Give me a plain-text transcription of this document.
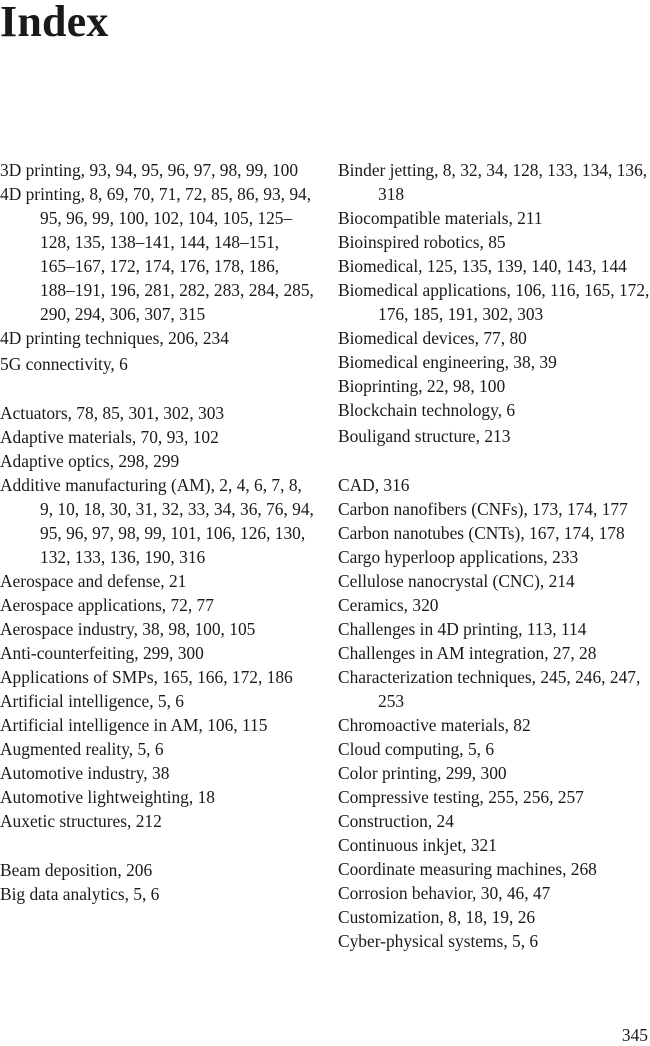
Index

3D printing, 93, 94, 95, 96, 97, 98, 99, 100

4D printing, 8, 69, 70, 71, 72, 85, 86, 93, 94, 95, 96, 99, 100, 102, 104, 105, 125–128, 135, 138–141, 144, 148–151, 165–167, 172, 174, 176, 178, 186, 188–191, 196, 281, 282, 283, 284, 285, 290, 294, 306, 307, 315

4D printing techniques, 206, 234

5G connectivity, 6

Actuators, 78, 85, 301, 302, 303

Adaptive materials, 70, 93, 102

Adaptive optics, 298, 299

Additive manufacturing (AM), 2, 4, 6, 7, 8, 9, 10, 18, 30, 31, 32, 33, 34, 36, 76, 94, 95, 96, 97, 98, 99, 101, 106, 126, 130, 132, 133, 136, 190, 316

Aerospace and defense, 21

Aerospace applications, 72, 77

Aerospace industry, 38, 98, 100, 105

Anti-counterfeiting, 299, 300

Applications of SMPs, 165, 166, 172, 186

Artificial intelligence, 5, 6

Artificial intelligence in AM, 106, 115

Augmented reality, 5, 6

Automotive industry, 38

Automotive lightweighting, 18

Auxetic structures, 212

Beam deposition, 206

Big data analytics, 5, 6

Binder jetting, 8, 32, 34, 128, 133, 134, 136, 318

Biocompatible materials, 211

Bioinspired robotics, 85

Biomedical, 125, 135, 139, 140, 143, 144

Biomedical applications, 106, 116, 165, 172, 176, 185, 191, 302, 303

Biomedical devices, 77, 80

Biomedical engineering, 38, 39

Bioprinting, 22, 98, 100

Blockchain technology, 6

Bouligand structure, 213

CAD, 316

Carbon nanofibers (CNFs), 173, 174, 177

Carbon nanotubes (CNTs), 167, 174, 178

Cargo hyperloop applications, 233

Cellulose nanocrystal (CNC), 214

Ceramics, 320

Challenges in 4D printing, 113, 114

Challenges in AM integration, 27, 28

Characterization techniques, 245, 246, 247, 253

Chromoactive materials, 82

Cloud computing, 5, 6

Color printing, 299, 300

Compressive testing, 255, 256, 257

Construction, 24

Continuous inkjet, 321

Coordinate measuring machines, 268

Corrosion behavior, 30, 46, 47

Customization, 8, 18, 19, 26

Cyber-physical systems, 5, 6

345
